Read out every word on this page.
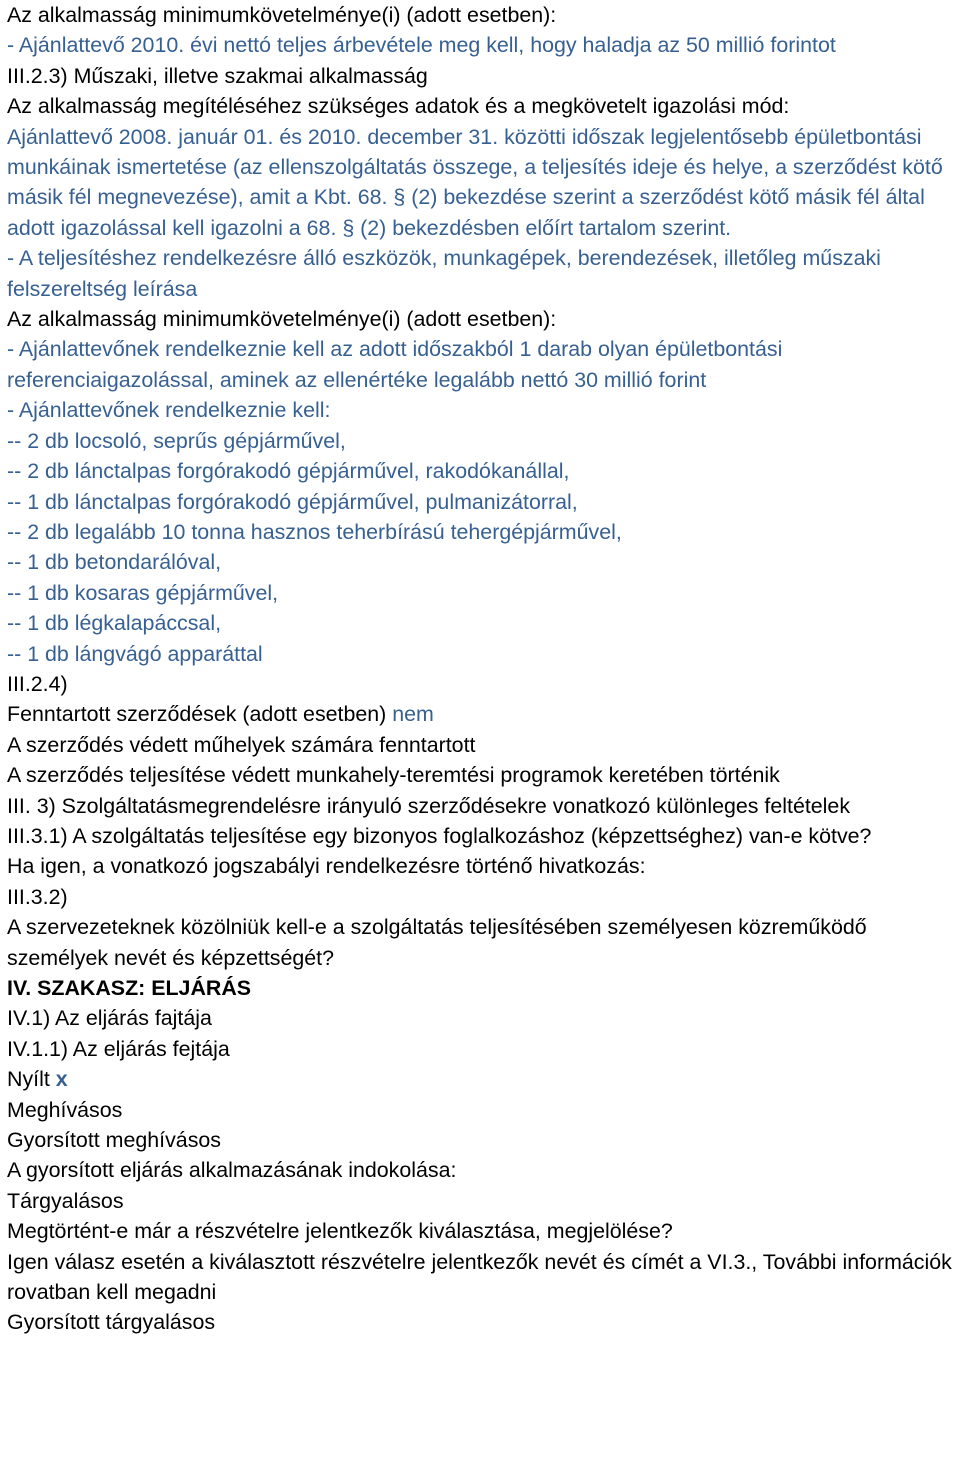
Az alkalmasság minimumkövetelménye(i) (adott esetben):
- Ajánlattevő 2010. évi nettó teljes árbevétele meg kell, hogy haladja az 50 millió forintot
III.2.3) Műszaki, illetve szakmai alkalmasság
Az alkalmasság megítéléséhez szükséges adatok és a megkövetelt igazolási mód:
Ajánlattevő 2008. január 01. és 2010. december 31. közötti időszak legjelentősebb épületbontási munkáinak ismertetése (az ellenszolgáltatás összege, a teljesítés ideje és helye, a szerződést kötő másik fél megnevezése), amit a Kbt. 68. § (2) bekezdése szerint a szerződést kötő másik fél által adott igazolással kell igazolni a 68. § (2) bekezdésben előírt tartalom szerint.
- A teljesítéshez rendelkezésre álló eszközök, munkagépek, berendezések, illetőleg műszaki felszereltség leírása
Az alkalmasság minimumkövetelménye(i) (adott esetben):
- Ajánlattevőnek rendelkeznie kell az adott időszakból 1 darab olyan épületbontási referenciaigazolással, aminek az ellenértéke legalább nettó 30 millió forint
- Ajánlattevőnek rendelkeznie kell:
-- 2 db locsoló, seprűs gépjárművel,
-- 2 db lánctalpas forgórakodó gépjárművel, rakodókanállal,
-- 1 db lánctalpas forgórakodó gépjárművel, pulmanizátorral,
-- 2 db legalább 10 tonna hasznos teherbírású tehergépjárművel,
-- 1 db betondarálóval,
-- 1 db kosaras gépjárművel,
-- 1 db légkalapáccsal,
-- 1 db lángvágó apparáttal
III.2.4)
Fenntartott szerződések (adott esetben) nem
A szerződés védett műhelyek számára fenntartott
A szerződés teljesítése védett munkahely-teremtési programok keretében történik
III. 3) Szolgáltatásmegrendelésre irányuló szerződésekre vonatkozó különleges feltételek
III.3.1) A szolgáltatás teljesítése egy bizonyos foglalkozáshoz (képzettséghez) van-e kötve?
Ha igen, a vonatkozó jogszabályi rendelkezésre történő hivatkozás:
III.3.2)
A szervezeteknek közölniük kell-e a szolgáltatás teljesítésében személyesen közreműködő személyek nevét és képzettségét?
IV. SZAKASZ: ELJÁRÁS
IV.1) Az eljárás fajtája
IV.1.1) Az eljárás fejtája
Nyílt x
Meghívásos
Gyorsított meghívásos
A gyorsított eljárás alkalmazásának indokolása:
Tárgyalásos
Megtörtént-e már a részvételre jelentkezők kiválasztása, megjelölése?
Igen válasz esetén a kiválasztott részvételre jelentkezők nevét és címét a VI.3., További információk rovatban kell megadni
Gyorsított tárgyalásos
